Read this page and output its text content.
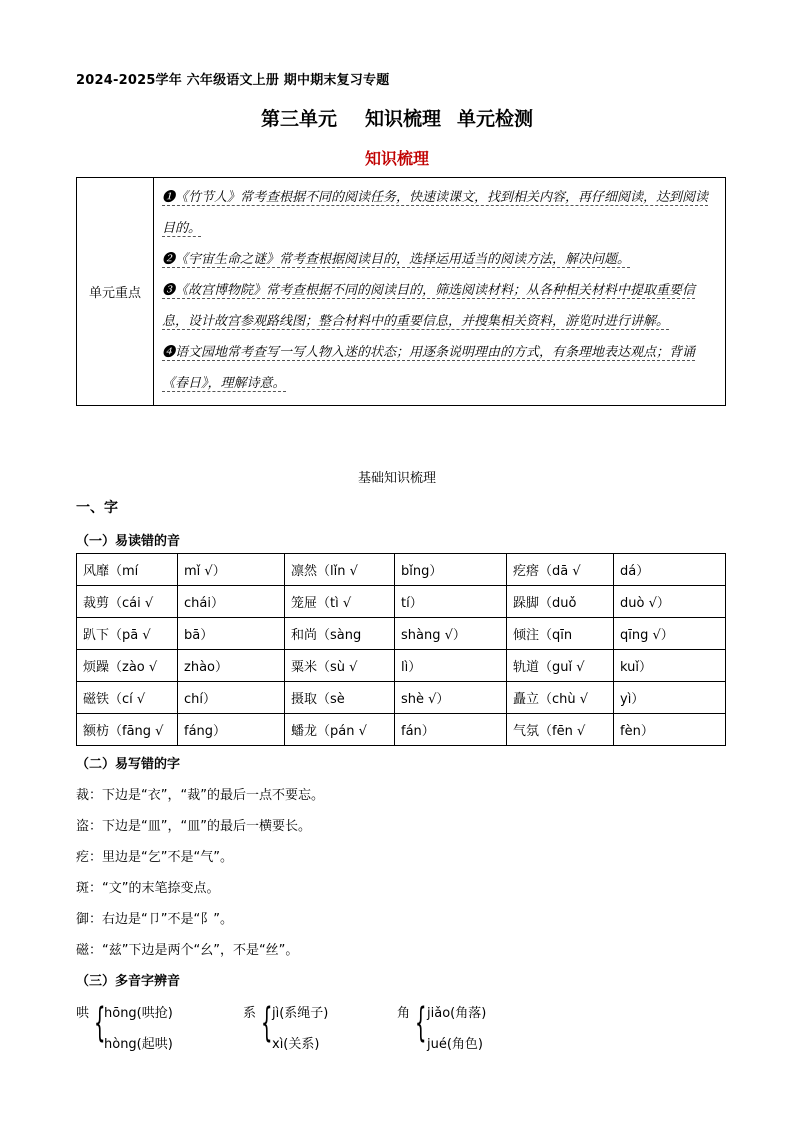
2024-2025学年 六年级语文上册 期中期末复习专题
第三单元 知识梳理 单元检测
知识梳理
单元重点	

❶《竹节人》常考查根据不同的阅读任务，快速读课文，找到相关内容，再仔细阅读，达到阅读目的。

❷《宇宙生命之谜》常考查根据阅读目的，选择运用适当的阅读方法，解决问题。

❸《故宫博物院》常考查根据不同的阅读目的，筛选阅读材料；从各种相关材料中提取重要信息，设计故宫参观路线图；整合材料中的重要信息，并搜集相关资料，游览时进行讲解。

❹语文园地常考查写一写人物入迷的状态；用逐条说明理由的方式，有条理地表达观点；背诵《春日》，理解诗意。

基础知识梳理
一、字
（一）易读错的音
风靡（mí	mǐ √）	凛然（lǐn √	bǐng）	疙瘩（dā √	dá）
裁剪（cái √	chái）	笼屉（tì √	tí）	跺脚（duǒ	duò √）
趴下（pā √	bā）	和尚（sàng	shàng √）	倾注（qīn	qīng √）
烦躁（zào √	zhào）	粟米（sù √	lì）	轨道（guǐ √	kuǐ）
磁铁（cí √	chí）	摄取（sè	shè √）	矗立（chù √	yì）
额枋（fāng √	fáng）	蟠龙（pán √	fán）	气氛（fēn √	fèn）
（二）易写错的字
裁：下边是“衣”，“裁”的最后一点不要忘。
盗：下边是“皿”，“皿”的最后一横要长。
疙：里边是“乞”不是“气”。
斑：“文”的末笔捺变点。
御：右边是“卩”不是“阝”。
磁：“兹”下边是两个“幺”，不是“丝”。
（三）多音字辨音
哄 {
hōng(哄抢)
hòng(起哄)
系 { jì(系绳子)
xì(关系)
角 { jiǎo(角落)
jué(角色)
